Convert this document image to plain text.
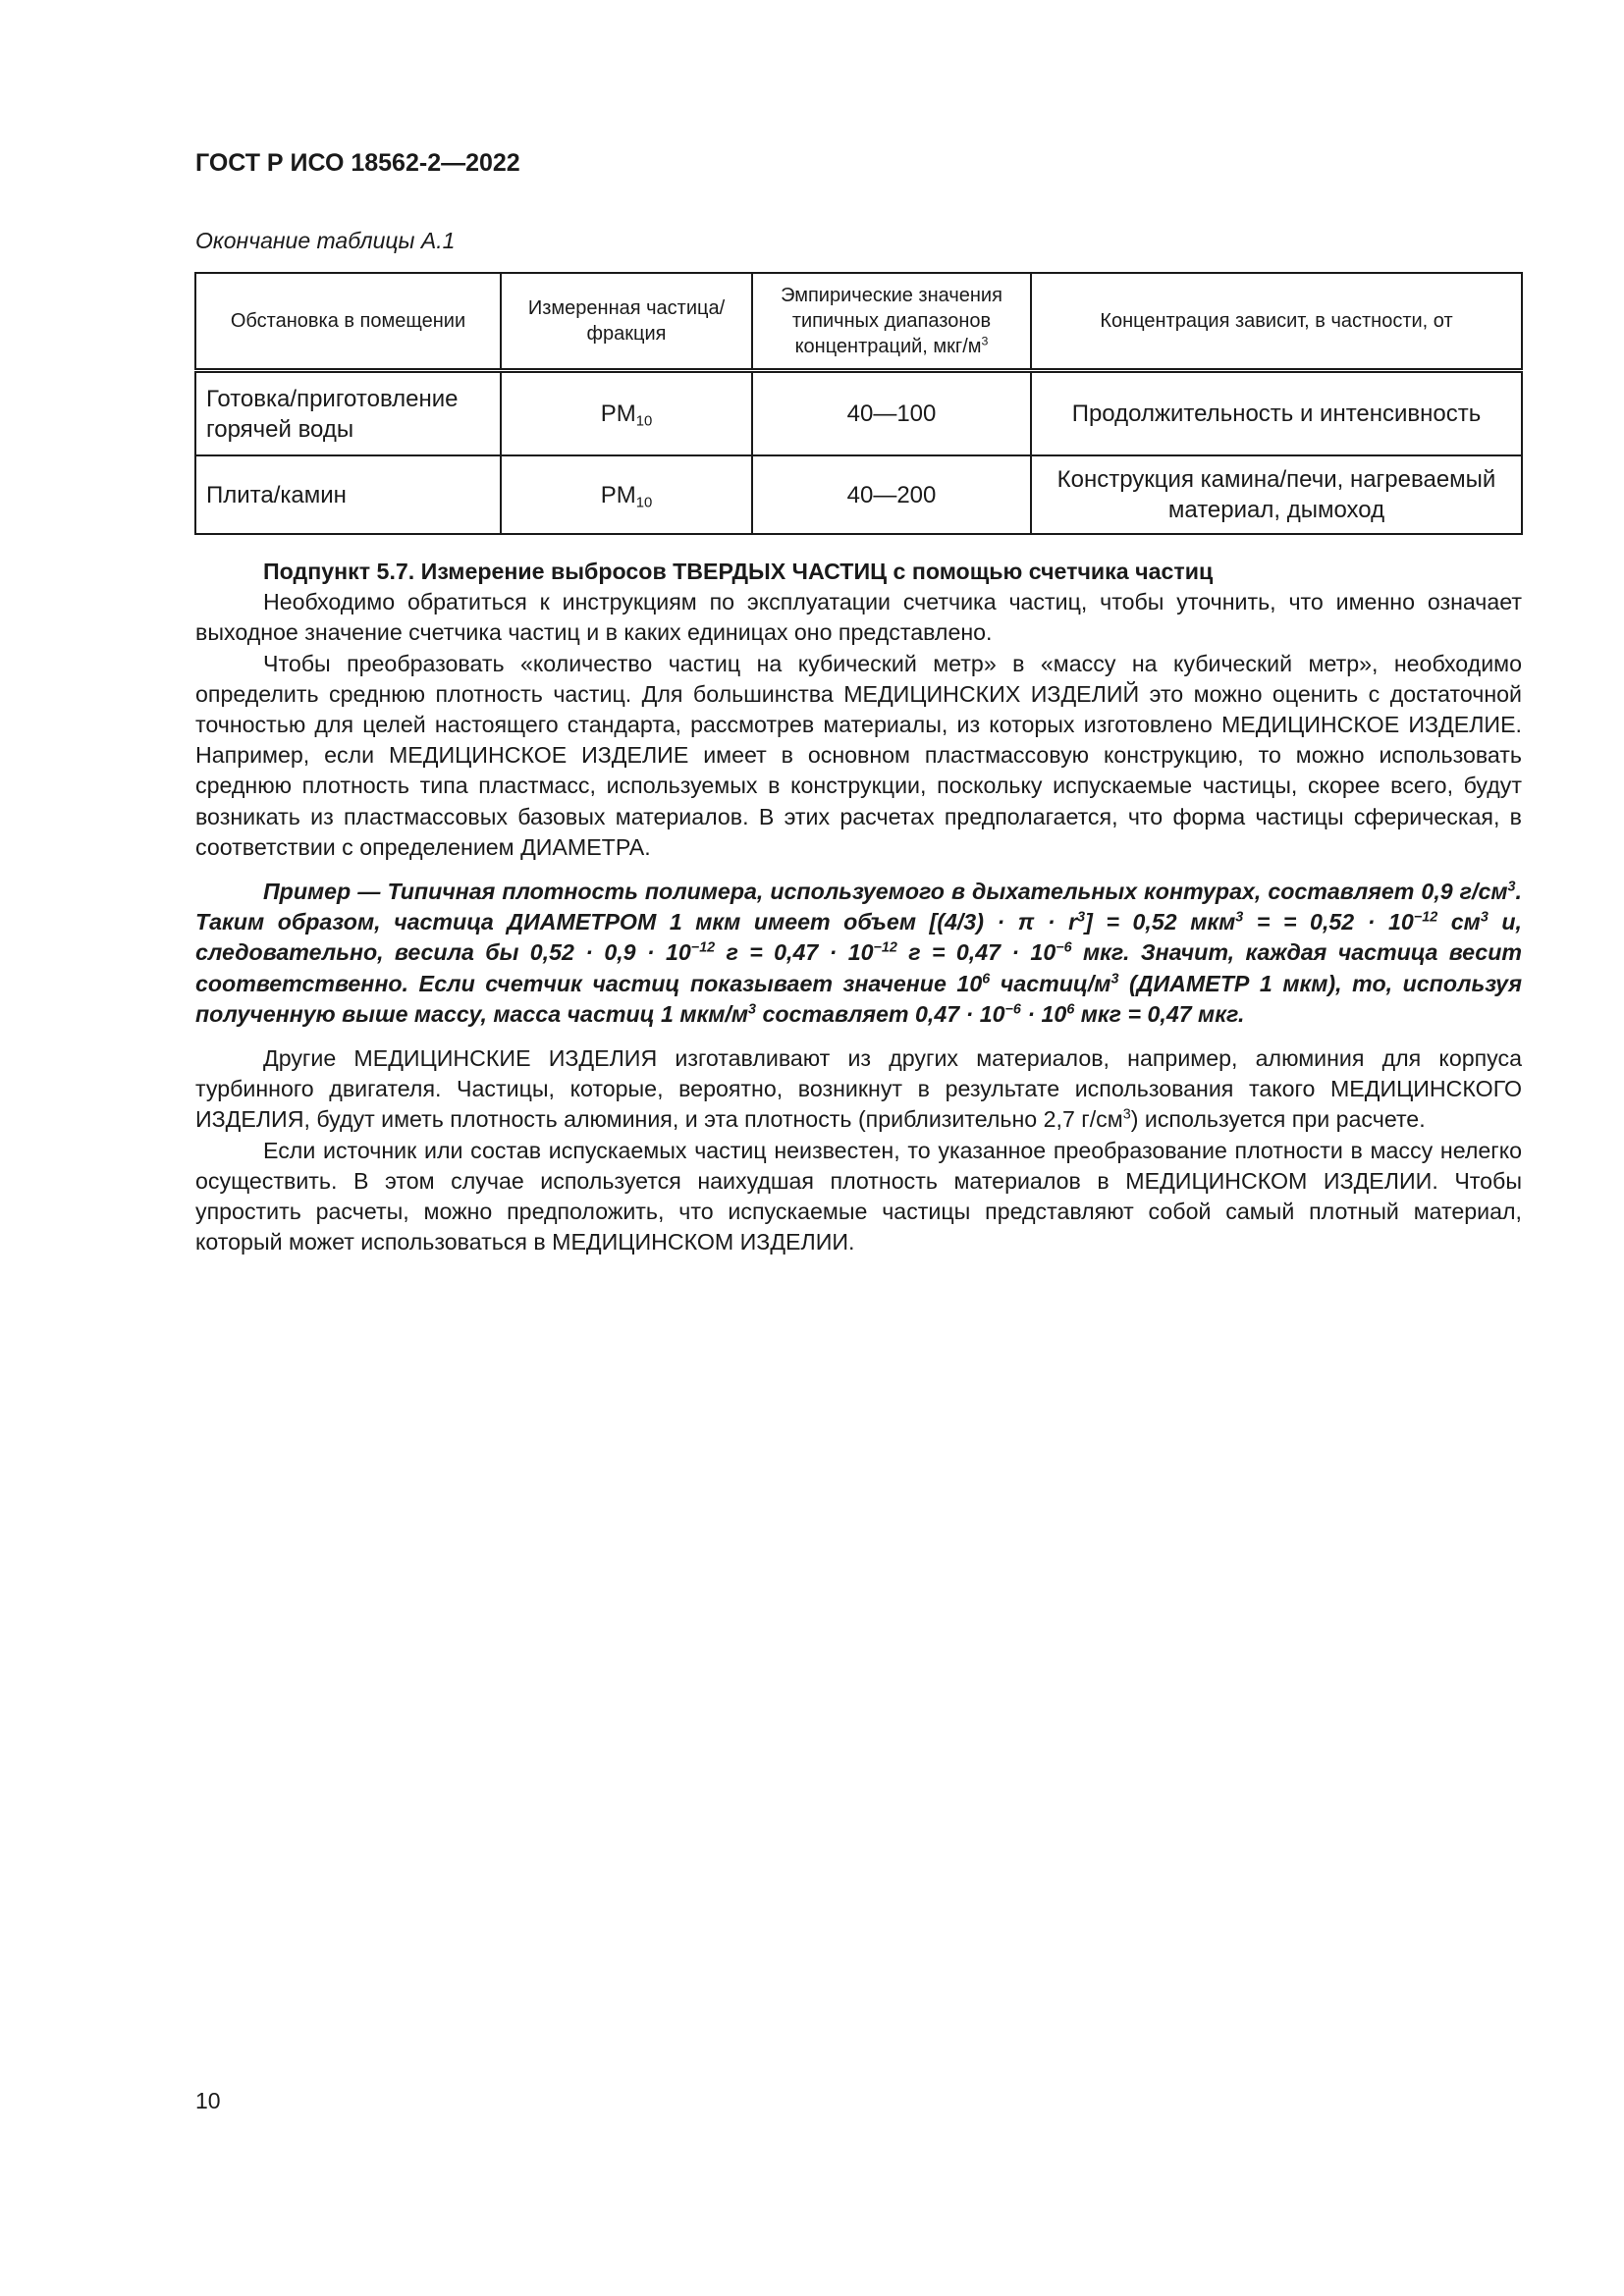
ГОСТ Р ИСО 18562-2—2022
Окончание таблицы А.1
Обстановка в помещении	Измеренная частица/ фракция	Эмпирические значения типичных диапазонов концентраций, мкг/$м^3$	Концентрация зависит, в частности, от
Готовка/приготовление горячей воды	$PM_{10}$	40—100	Продолжительность и интенсивность
Плита/камин	$PM_{10}$	40—200	Конструкция камина/печи, нагреваемый материал, дымоход

Подпункт 5.7. Измерение выбросов ТВЕРДЫХ ЧАСТИЦ с помощью счетчика частиц

Необходимо обратиться к инструкциям по эксплуатации счетчика частиц, чтобы уточнить, что именно означает выходное значение счетчика частиц и в каких единицах оно представлено.

Чтобы преобразовать «количество частиц на кубический метр» в «массу на кубический метр», необходимо определить среднюю плотность частиц. Для большинства МЕДИЦИНСКИХ ИЗДЕЛИЙ это можно оценить с достаточной точностью для целей настоящего стандарта, рассмотрев материалы, из которых изготовлено МЕДИЦИНСКОЕ ИЗДЕЛИЕ. Например, если МЕДИЦИНСКОЕ ИЗДЕЛИЕ имеет в основном пластмассовую конструкцию, то можно использовать среднюю плотность типа пластмасс, используемых в конструкции, поскольку испускаемые частицы, скорее всего, будут возникать из пластмассовых базовых материалов. В этих расчетах предполагается, что форма частицы сферическая, в соответствии с определением ДИАМЕТРА.

Пример — Типичная плотность полимера, используемого в дыхательных контурах, составляет 0,9 $г/см^3$. Таким образом, частица ДИАМЕТРОМ 1 мкм имеет объем $[(4/3) \cdot \pi \cdot r^3] = 0,52$ мкм$^3$ = = $0,52 \cdot 10^{-12}$ $см^3$ и, следовательно, весила бы $0,52 \cdot 0,9 \cdot 10^{-12}$ $г = 0,47 \cdot 10^{-12}$ $г = 0,47 \cdot 10^{-6}$ мкг. Значит, каждая частица весит соответственно. Если счетчик частиц показывает значение $10^6$ частиц/$м^3$ (ДИАМЕТР 1 мкм), то, используя полученную выше массу, масса частиц 1 мкм/$м^3$ составляет $0,47 \cdot 10^{-6} \cdot 10^6$ мкг = 0,47 мкг.

Другие МЕДИЦИНСКИЕ ИЗДЕЛИЯ изготавливают из других материалов, например, алюминия для корпуса турбинного двигателя. Частицы, которые, вероятно, возникнут в результате использования такого МЕДИЦИНСКОГО ИЗДЕЛИЯ, будут иметь плотность алюминия, и эта плотность (приблизительно 2,7 $г/см^3$) используется при расчете.

Если источник или состав испускаемых частиц неизвестен, то указанное преобразование плотности в массу нелегко осуществить. В этом случае используется наихудшая плотность материалов в МЕДИЦИНСКОМ ИЗДЕЛИИ. Чтобы упростить расчеты, можно предположить, что испускаемые частицы представляют собой самый плотный материал, который может использоваться в МЕДИЦИНСКОМ ИЗДЕЛИИ.

10
